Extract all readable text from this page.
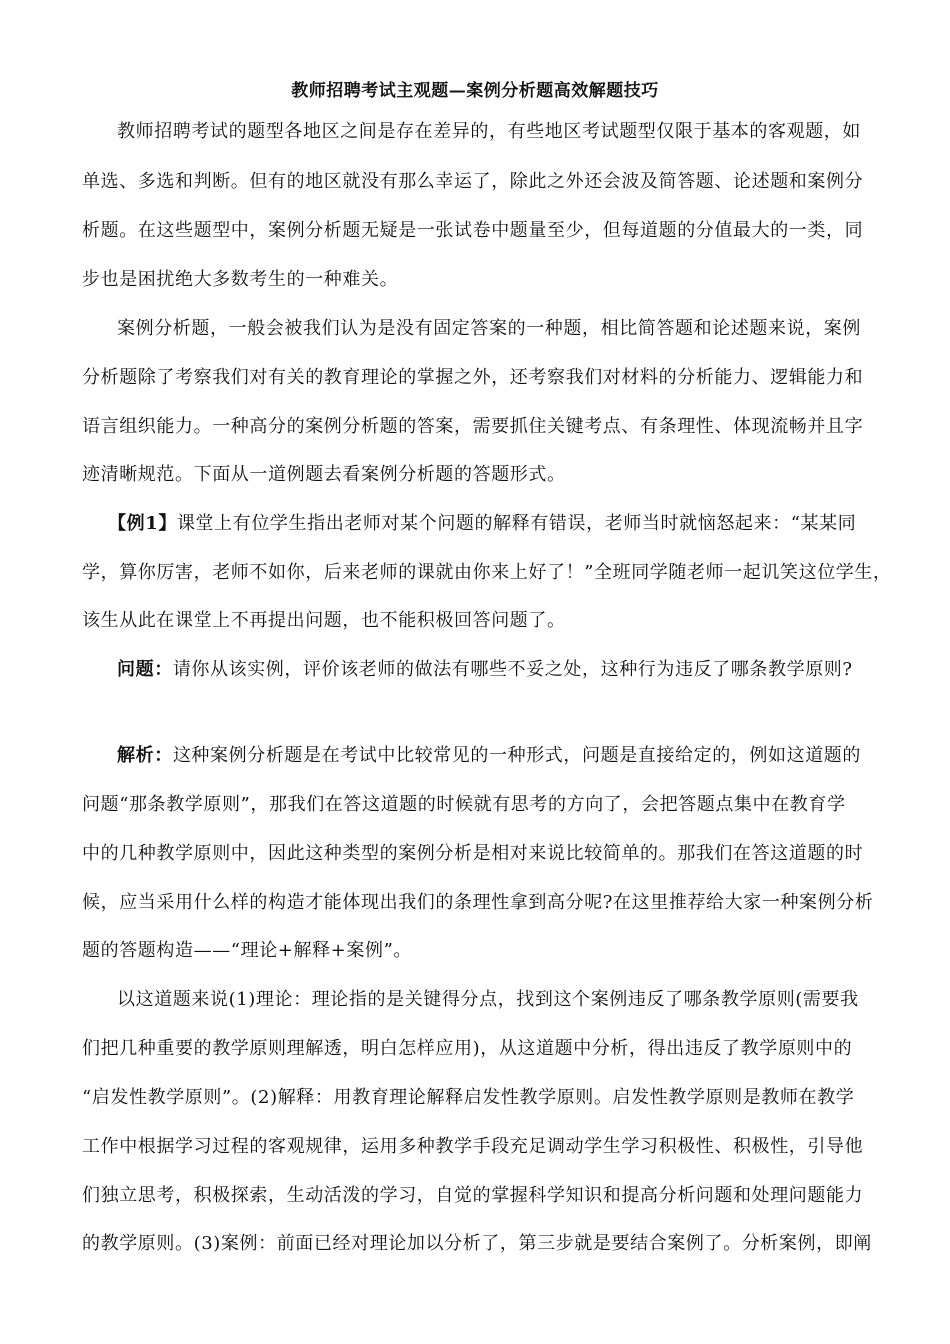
教师招聘考试主观题—案例分析题高效解题技巧
教师招聘考试的题型各地区之间是存在差异的，有些地区考试题型仅限于基本的客观题，如
单选、多选和判断。但有的地区就没有那么幸运了，除此之外还会波及简答题、论述题和案例分
析题。在这些题型中，案例分析题无疑是一张试卷中题量至少，但每道题的分值最大的一类，同
步也是困扰绝大多数考生的一种难关。
案例分析题，一般会被我们认为是没有固定答案的一种题，相比简答题和论述题来说，案例
分析题除了考察我们对有关的教育理论的掌握之外，还考察我们对材料的分析能力、逻辑能力和
语言组织能力。一种高分的案例分析题的答案，需要抓住关键考点、有条理性、体现流畅并且字
迹清晰规范。下面从一道例题去看案例分析题的答题形式。
【例1】课堂上有位学生指出老师对某个问题的解释有错误，老师当时就恼怒起来：“某某同
学，算你厉害，老师不如你，后来老师的课就由你来上好了！”全班同学随老师一起讥笑这位学生，
该生从此在课堂上不再提出问题，也不能积极回答问题了。
问题：请你从该实例，评价该老师的做法有哪些不妥之处，这种行为违反了哪条教学原则?
解析：这种案例分析题是在考试中比较常见的一种形式，问题是直接给定的，例如这道题的
问题“那条教学原则”，那我们在答这道题的时候就有思考的方向了，会把答题点集中在教育学
中的几种教学原则中，因此这种类型的案例分析是相对来说比较简单的。那我们在答这道题的时
候，应当采用什么样的构造才能体现出我们的条理性拿到高分呢?在这里推荐给大家一种案例分析
题的答题构造——“理论+解释+案例”。
以这道题来说(1)理论：理论指的是关键得分点，找到这个案例违反了哪条教学原则(需要我
们把几种重要的教学原则理解透，明白怎样应用)，从这道题中分析，得出违反了教学原则中的
“启发性教学原则”。(2)解释：用教育理论解释启发性教学原则。启发性教学原则是教师在教学
工作中根据学习过程的客观规律，运用多种教学手段充足调动学生学习积极性、积极性，引导他
们独立思考，积极探索，生动活泼的学习，自觉的掌握科学知识和提高分析问题和处理问题能力
的教学原则。(3)案例：前面已经对理论加以分析了，第三步就是要结合案例了。分析案例，即阐
